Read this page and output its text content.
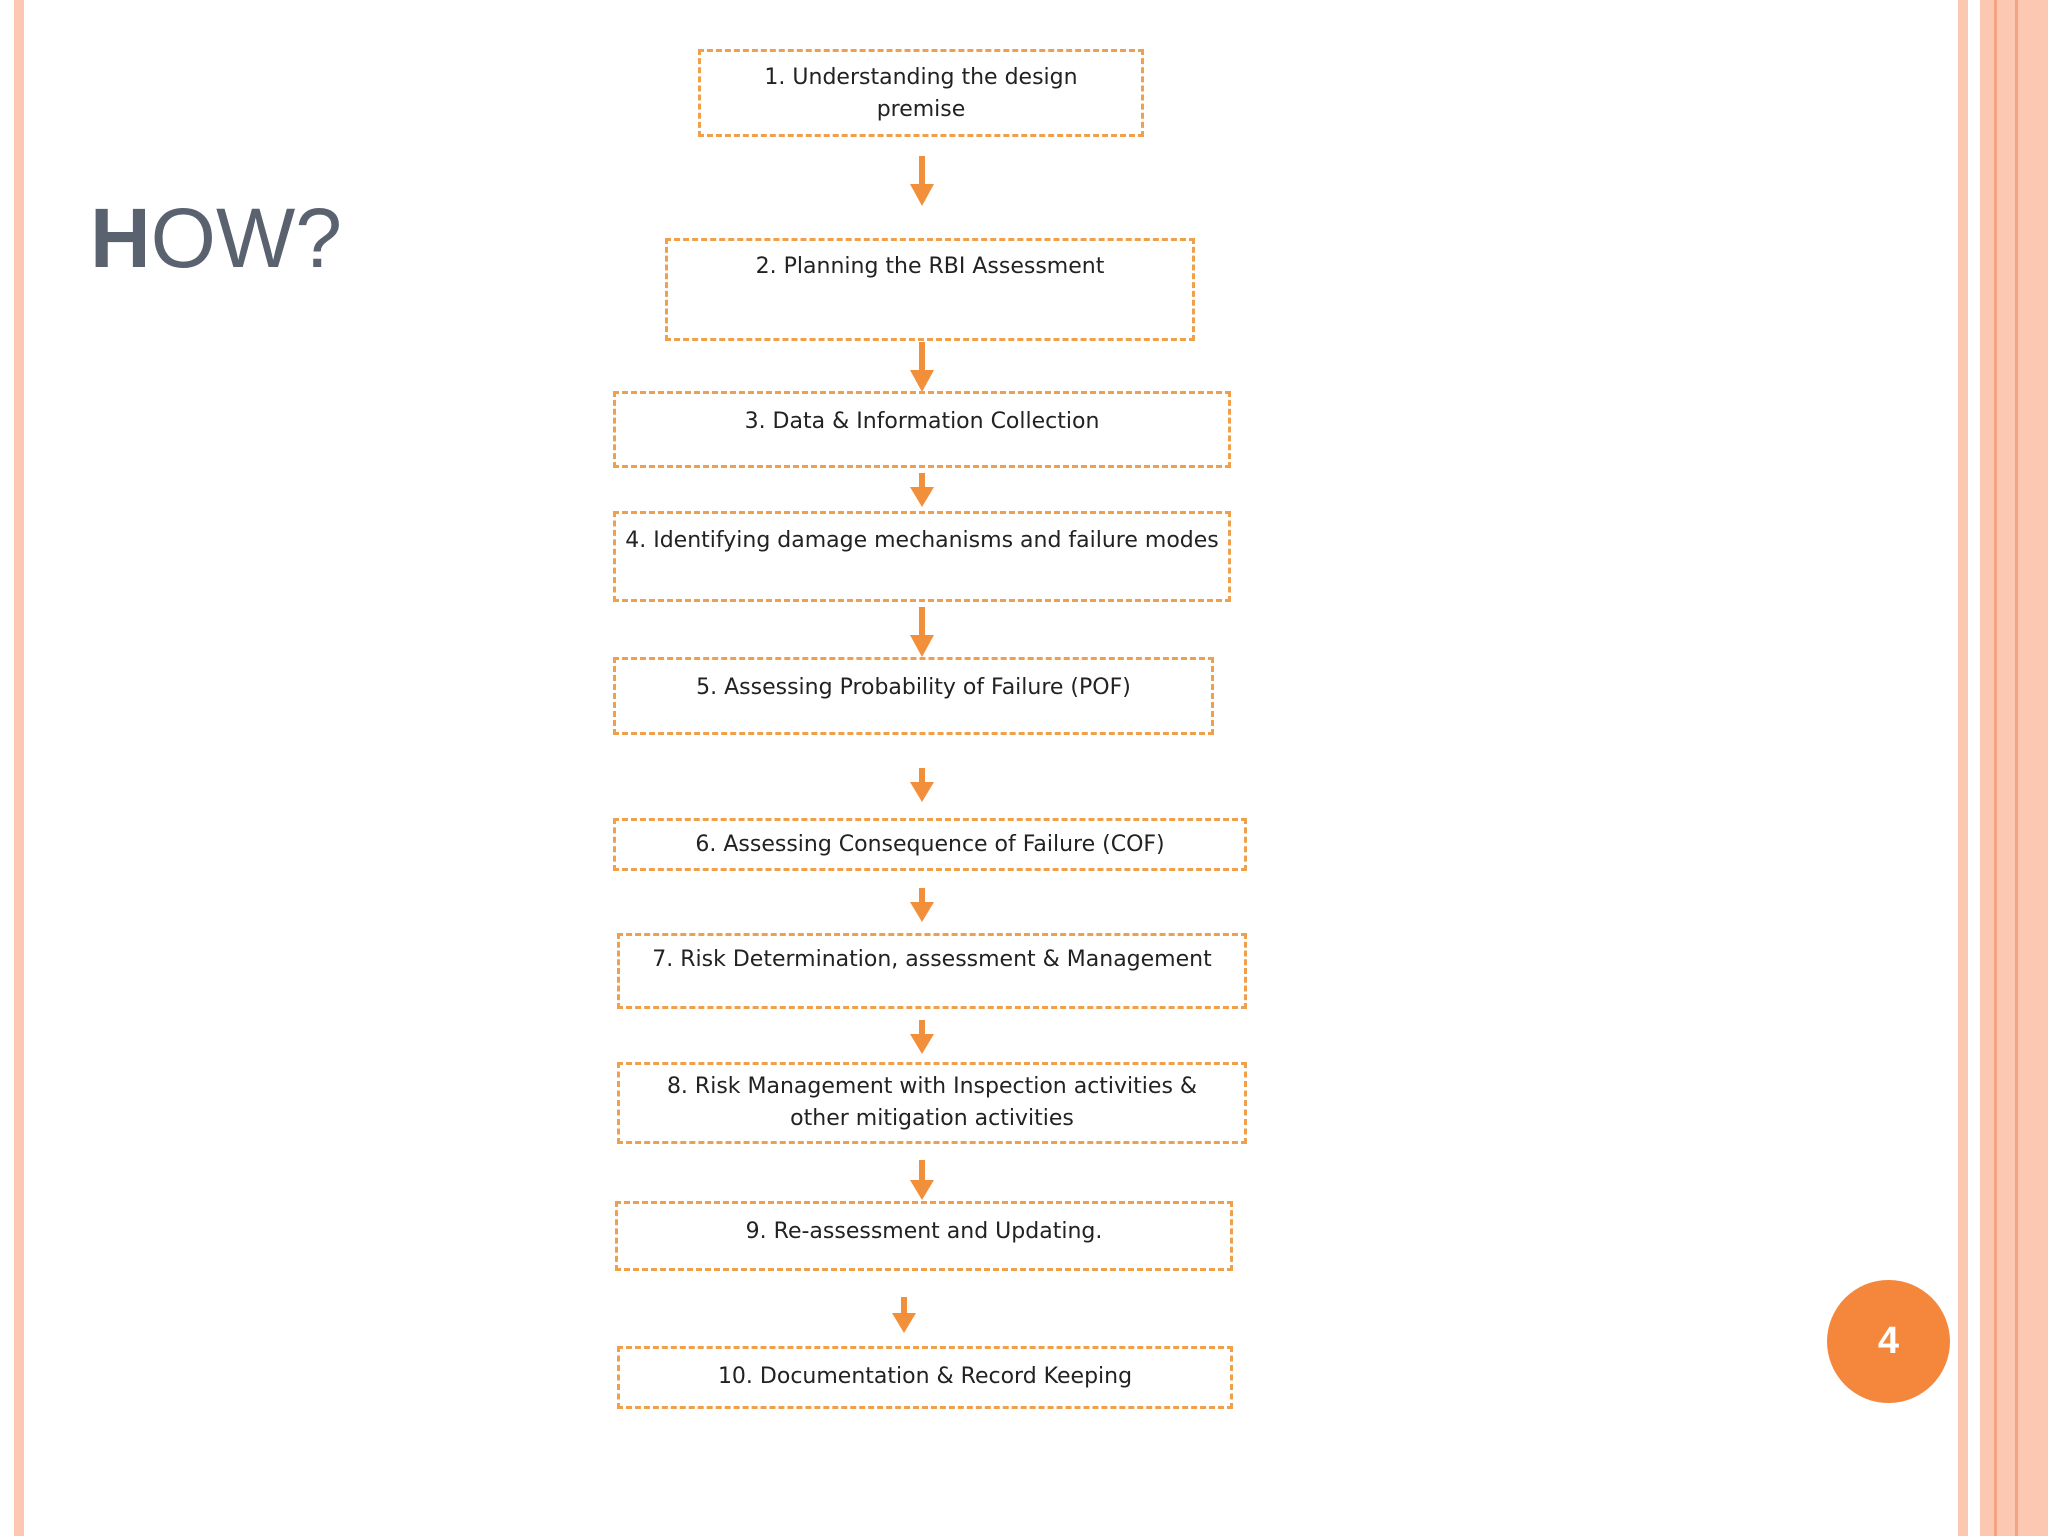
HOW?
1. Understanding the design premise
2. Planning the RBI Assessment
3. Data & Information Collection
4. Identifying damage mechanisms and failure modes
5. Assessing Probability of Failure (POF)
6. Assessing Consequence of Failure (COF)
7. Risk Determination, assessment & Management
8. Risk Management with Inspection activities & other mitigation activities
9. Re-assessment and Updating.
10. Documentation & Record Keeping
4
